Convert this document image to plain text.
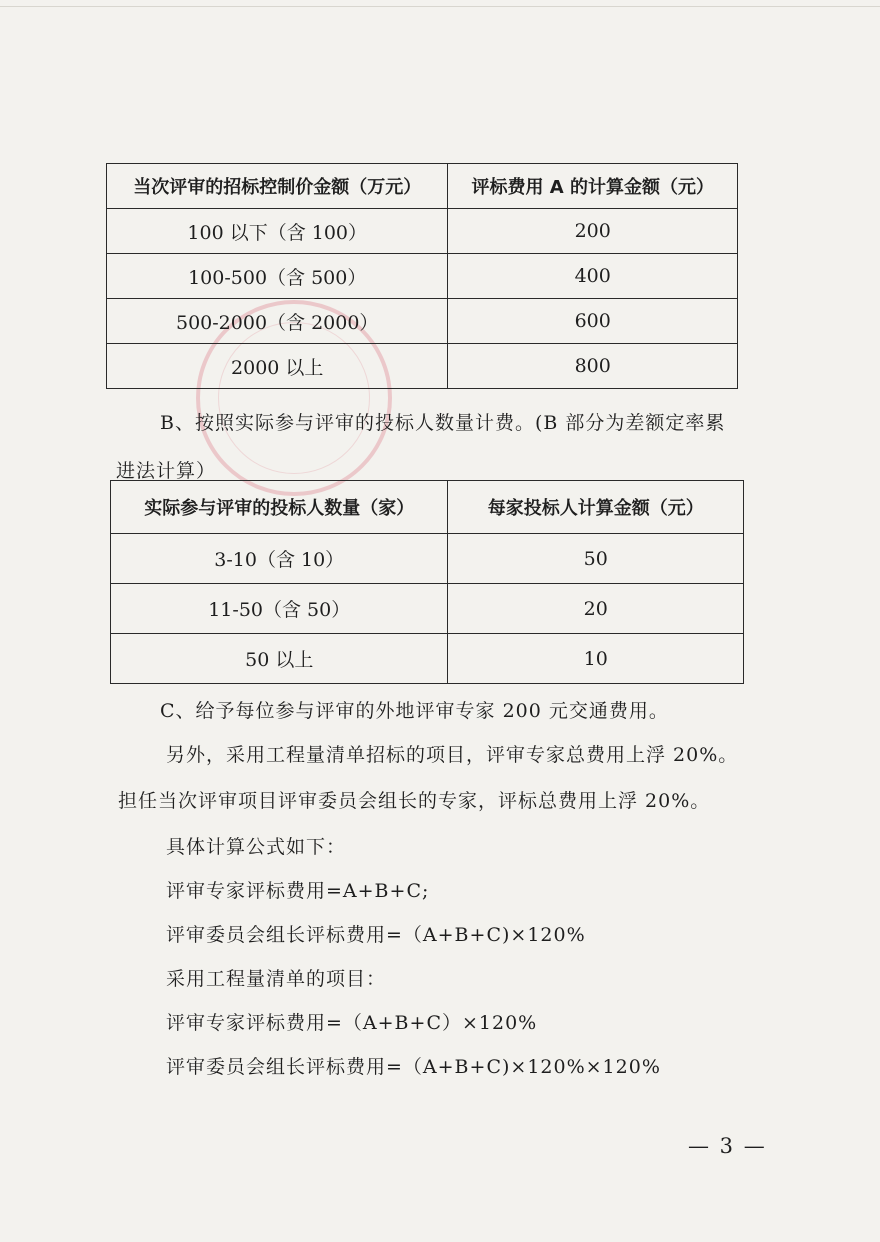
当次评审的招标控制价金额（万元）	评标费用 A 的计算金额（元）
100 以下（含 100）	200
100-500（含 500）	400
500-2000（含 2000）	600
2000 以上	800
B、按照实际参与评审的投标人数量计费。(B 部分为差额定率累
进法计算）
实际参与评审的投标人数量（家）	每家投标人计算金额（元）
3-10（含 10）	50
11-50（含 50）	20
50 以上	10
C、给予每位参与评审的外地评审专家 200 元交通费用。
另外，采用工程量清单招标的项目，评审专家总费用上浮 20%。
担任当次评审项目评审委员会组长的专家，评标总费用上浮 20%。
具体计算公式如下：
评审专家评标费用=A+B+C;
评审委员会组长评标费用=（A+B+C)×120%
采用工程量清单的项目：
评审专家评标费用=（A+B+C）×120%
评审委员会组长评标费用=（A+B+C)×120%×120%
— 3 —
